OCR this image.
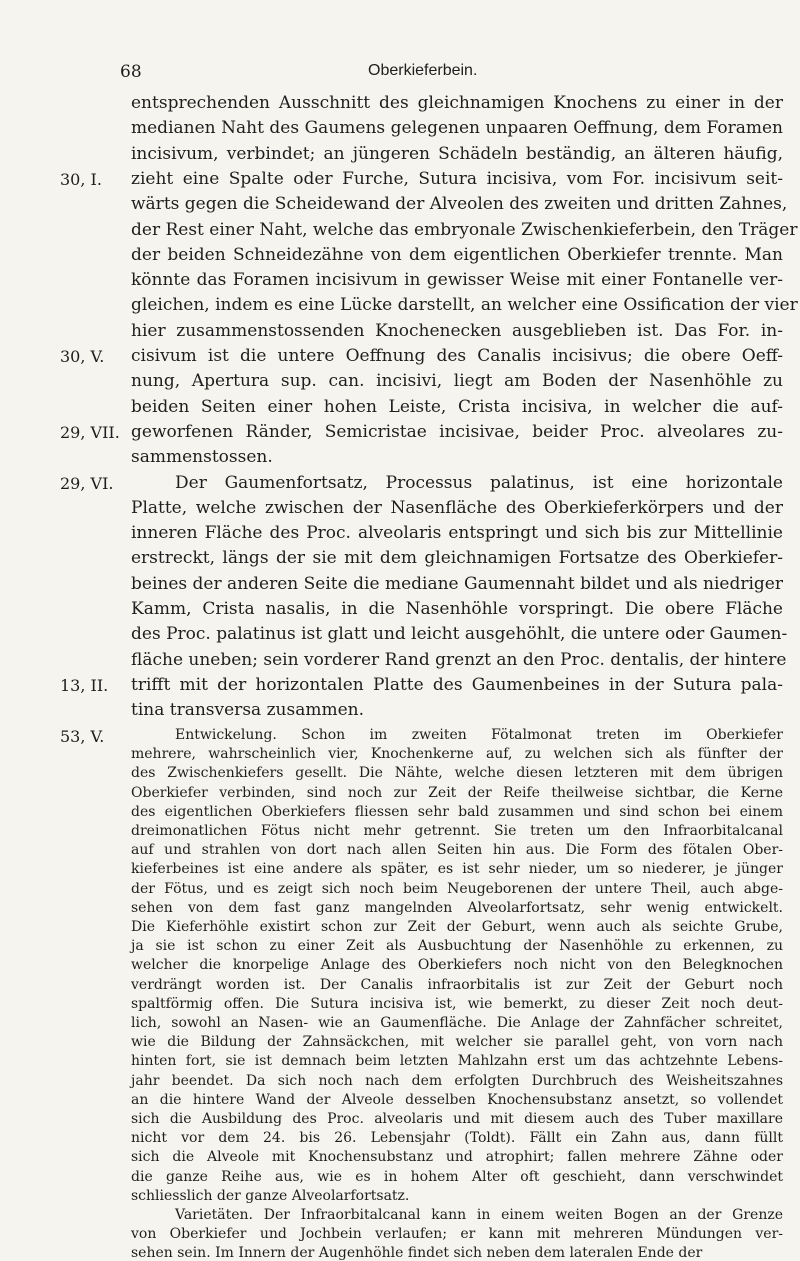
68	Oberkieferbein.
entsprechenden Ausschnitt des gleichnamigen Knochens zu einer in der
medianen Naht des Gaumens gelegenen unpaaren Oeffnung, dem Foramen
incisivum, verbindet; an jüngeren Schädeln beständig, an älteren häufig,
30, I. zieht eine Spalte oder Furche, Sutura incisiva, vom For. incisivum seit-
wärts gegen die Scheidewand der Alveolen des zweiten und dritten Zahnes,
der Rest einer Naht, welche das embryonale Zwischenkieferbein, den Träger
der beiden Schneidezähne von dem eigentlichen Oberkiefer trennte. Man
könnte das Foramen incisivum in gewisser Weise mit einer Fontanelle ver-
gleichen, indem es eine Lücke darstellt, an welcher eine Ossification der vier
hier zusammenstossenden Knochenecken ausgeblieben ist. Das For. in-
30, V. cisivum ist die untere Oeffnung des Canalis incisivus; die obere Oeff-
nung, Apertura sup. can. incisivi, liegt am Boden der Nasenhöhle zu
beiden Seiten einer hohen Leiste, Crista incisiva, in welcher die auf-
29, VII. geworfenen Ränder, Semicristae incisivae, beider Proc. alveolares zu-
sammenstossen.
29, VI.	Der Gaumenfortsatz, Processus palatinus, ist eine horizontale
Platte, welche zwischen der Nasenfläche des Oberkieferkörpers und der
inneren Fläche des Proc. alveolaris entspringt und sich bis zur Mittellinie
erstreckt, längs der sie mit dem gleichnamigen Fortsatze des Oberkiefer-
beines der anderen Seite die mediane Gaumennaht bildet und als niedriger
Kamm, Crista nasalis, in die Nasenhöhle vorspringt. Die obere Fläche
des Proc. palatinus ist glatt und leicht ausgehöhlt, die untere oder Gaumen-
fläche uneben; sein vorderer Rand grenzt an den Proc. dentalis, der hintere
13, II. trifft mit der horizontalen Platte des Gaumenbeines in der Sutura pala-
tina transversa zusammen.
53, V.	Entwickelung. Schon im zweiten Fötalmonat treten im Oberkiefer
mehrere, wahrscheinlich vier, Knochenkerne auf, zu welchen sich als fünfter der
des Zwischenkiefers gesellt. Die Nähte, welche diesen letzteren mit dem übrigen
Oberkiefer verbinden, sind noch zur Zeit der Reife theilweise sichtbar, die Kerne
des eigentlichen Oberkiefers fliessen sehr bald zusammen und sind schon bei einem
dreimonatlichen Fötus nicht mehr getrennt. Sie treten um den Infraorbitalcanal
auf und strahlen von dort nach allen Seiten hin aus. Die Form des fötalen Ober-
kieferbeines ist eine andere als später, es ist sehr nieder, um so niederer, je jünger
der Fötus, und es zeigt sich noch beim Neugeborenen der untere Theil, auch abge-
sehen von dem fast ganz mangelnden Alveolarfortsatz, sehr wenig entwickelt.
Die Kieferhöhle existirt schon zur Zeit der Geburt, wenn auch als seichte Grube,
ja sie ist schon zu einer Zeit als Ausbuchtung der Nasenhöhle zu erkennen, zu
welcher die knorpelige Anlage des Oberkiefers noch nicht von den Belegknochen
verdrängt worden ist. Der Canalis infraorbitalis ist zur Zeit der Geburt noch
spaltförmig offen. Die Sutura incisiva ist, wie bemerkt, zu dieser Zeit noch deut-
lich, sowohl an Nasen- wie an Gaumenfläche. Die Anlage der Zahnfächer schreitet,
wie die Bildung der Zahnsäckchen, mit welcher sie parallel geht, von vorn nach
hinten fort, sie ist demnach beim letzten Mahlzahn erst um das achtzehnte Lebens-
jahr beendet. Da sich noch nach dem erfolgten Durchbruch des Weisheitszahnes
an die hintere Wand der Alveole desselben Knochensubstanz ansetzt, so vollendet
sich die Ausbildung des Proc. alveolaris und mit diesem auch des Tuber maxillare
nicht vor dem 24. bis 26. Lebensjahr (Toldt). Fällt ein Zahn aus, dann füllt
sich die Alveole mit Knochensubstanz und atrophirt; fallen mehrere Zähne oder
die ganze Reihe aus, wie es in hohem Alter oft geschieht, dann verschwindet
schliesslich der ganze Alveolarfortsatz.
Varietäten. Der Infraorbitalcanal kann in einem weiten Bogen an der Grenze
von Oberkiefer und Jochbein verlaufen; er kann mit mehreren Mündungen ver-
sehen sein. Im Innern der Augenhöhle findet sich neben dem lateralen Ende der
